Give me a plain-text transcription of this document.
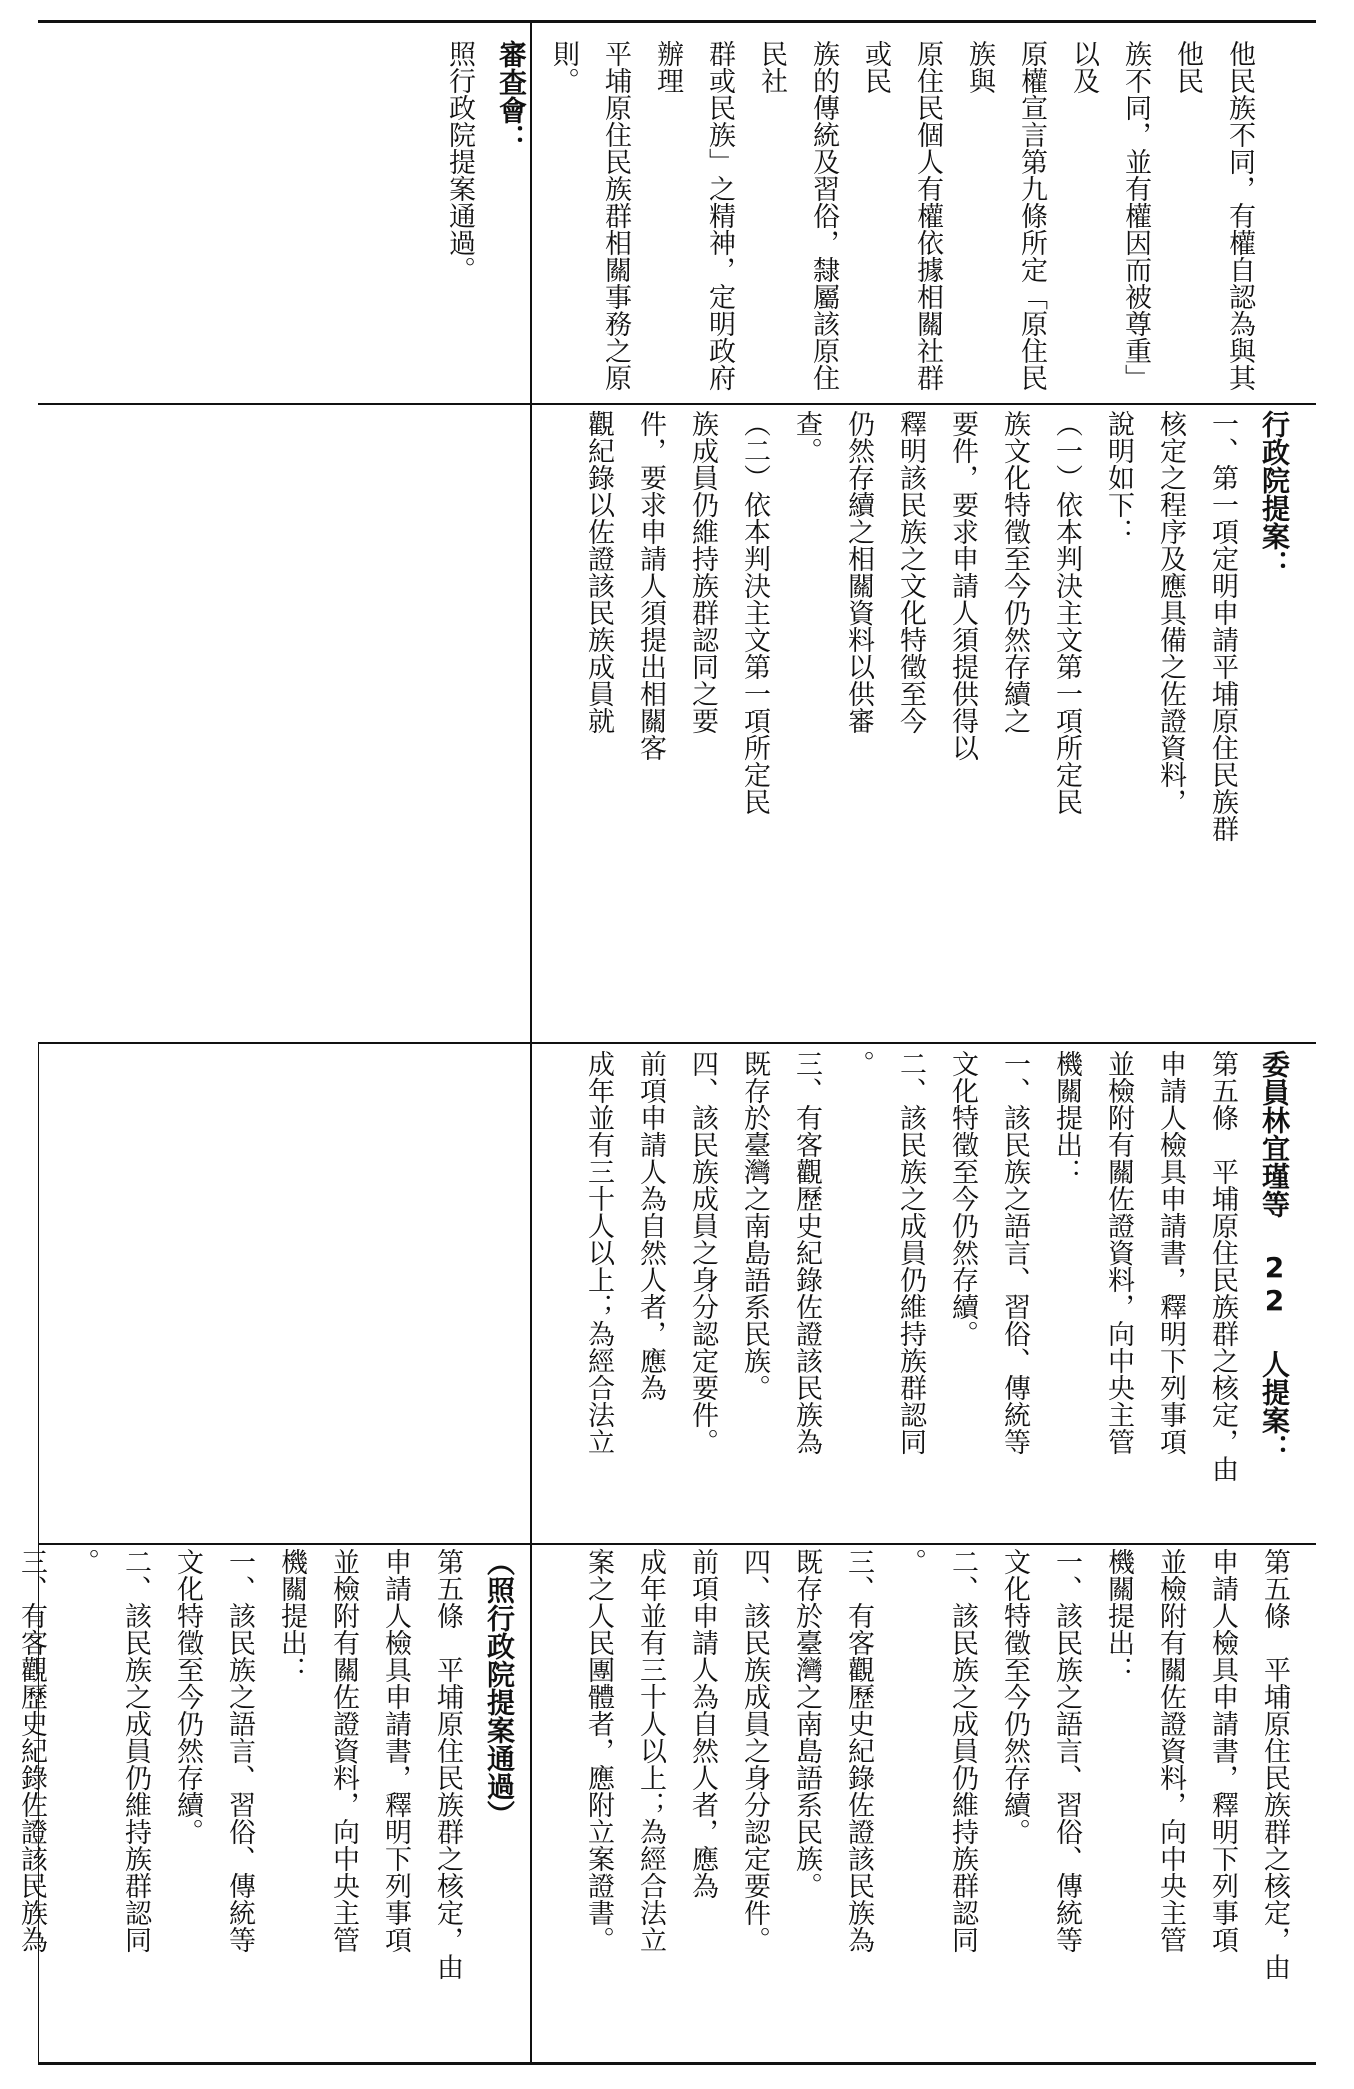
他民族不同，有權自認為與其他民

族不同，並有權因而被尊重」以及

原權宣言第九條所定「原住民族與

原住民個人有權依據相關社群或民

族的傳統及習俗，隸屬該原住民社

群或民族」之精神，定明政府辦理

平埔原住民族群相關事務之原則。

審查會：

照行政院提案通過。

行政院提案：

一、第一項定明申請平埔原住民族群

核定之程序及應具備之佐證資料，

說明如下：

（一）依本判決主文第一項所定民

族文化特徵至今仍然存續之

要件，要求申請人須提供得以

釋明該民族之文化特徵至今

仍然存續之相關資料以供審

查。

（二）依本判決主文第一項所定民

族成員仍維持族群認同之要

件，要求申請人須提出相關客

觀紀錄以佐證該民族成員就

委員林宜瑾等 22 人提案：

第五條　平埔原住民族群之核定，由

申請人檢具申請書，釋明下列事項

並檢附有關佐證資料，向中央主管

機關提出：

一、該民族之語言、習俗、傳統等

文化特徵至今仍然存續。

二、該民族之成員仍維持族群認同

。

三、有客觀歷史紀錄佐證該民族為

既存於臺灣之南島語系民族。

四、該民族成員之身分認定要件。

前項申請人為自然人者，應為

成年並有三十人以上；為經合法立

第五條　平埔原住民族群之核定，由

申請人檢具申請書，釋明下列事項

並檢附有關佐證資料，向中央主管

機關提出：

一、該民族之語言、習俗、傳統等

文化特徵至今仍然存續。

二、該民族之成員仍維持族群認同

。

三、有客觀歷史紀錄佐證該民族為

既存於臺灣之南島語系民族。

四、該民族成員之身分認定要件。

前項申請人為自然人者，應為

成年並有三十人以上；為經合法立

案之人民團體者，應附立案證書。

（照行政院提案通過）

第五條　平埔原住民族群之核定，由

申請人檢具申請書，釋明下列事項

並檢附有關佐證資料，向中央主管

機關提出：

一、該民族之語言、習俗、傳統等

文化特徵至今仍然存續。

二、該民族之成員仍維持族群認同

。

三、有客觀歷史紀錄佐證該民族為
